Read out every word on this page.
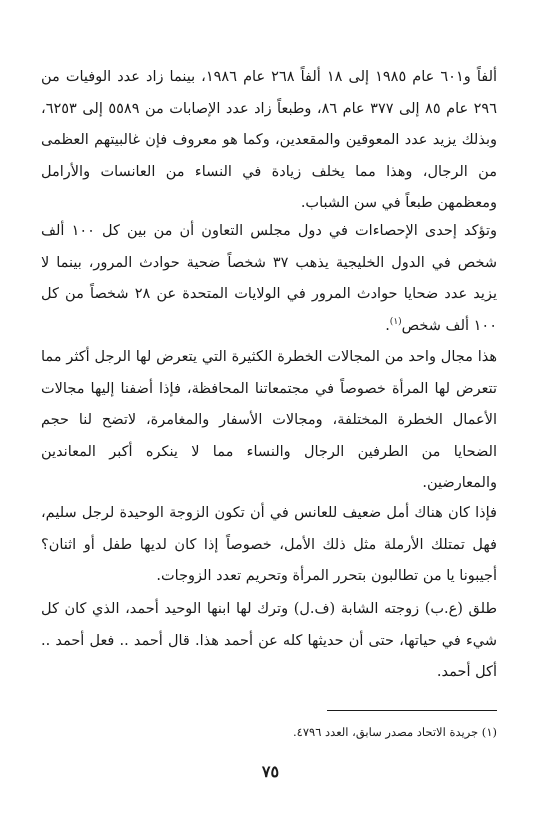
ألفاً و٦٠١ عام ١٩٨٥ إلى ١٨ ألفاً ٢٦٨ عام ١٩٨٦، بينما زاد عدد الوفيات من ٢٩٦ عام ٨٥ إلى ٣٧٧ عام ٨٦، وطبعاً زاد عدد الإصابات من ٥٥٨٩ إلى ٦٢٥٣، وبذلك يزيد عدد المعوقين والمقعدين، وكما هو معروف فإن غالبيتهم العظمى من الرجال، وهذا مما يخلف زيادة في النساء من العانسات والأرامل ومعظمهن طبعاً في سن الشباب.

وتؤكد إحدى الإحصاءات في دول مجلس التعاون أن من بين كل ١٠٠ ألف شخص في الدول الخليجية يذهب ٣٧ شخصاً ضحية حوادث المرور، بينما لا يزيد عدد ضحايا حوادث المرور في الولايات المتحدة عن ٢٨ شخصاً من كل ١٠٠ ألف شخص$^{(١)}$.

هذا مجال واحد من المجالات الخطرة الكثيرة التي يتعرض لها الرجل أكثر مما تتعرض لها المرأة خصوصاً في مجتمعاتنا المحافظة، فإذا أضفنا إليها مجالات الأعمال الخطرة المختلفة، ومجالات الأسفار والمغامرة، لاتضح لنا حجم الضحايا من الطرفين الرجال والنساء مما لا ينكره أكبر المعاندين والمعارضين.

فإذا كان هناك أمل ضعيف للعانس في أن تكون الزوجة الوحيدة لرجل سليم، فهل تمتلك الأرملة مثل ذلك الأمل، خصوصاً إذا كان لديها طفل أو اثنان؟ أجيبونا يا من تطالبون بتحرر المرأة وتحريم تعدد الزوجات.

طلق (ع.ب) زوجته الشابة (ف.ل) وترك لها ابنها الوحيد أحمد، الذي كان كل شيء في حياتها، حتى أن حديثها كله عن أحمد هذا. قال أحمد .. فعل أحمد .. أكل أحمد.

(١) جريدة الاتحاد مصدر سابق، العدد ٤٧٩٦.

٧٥
